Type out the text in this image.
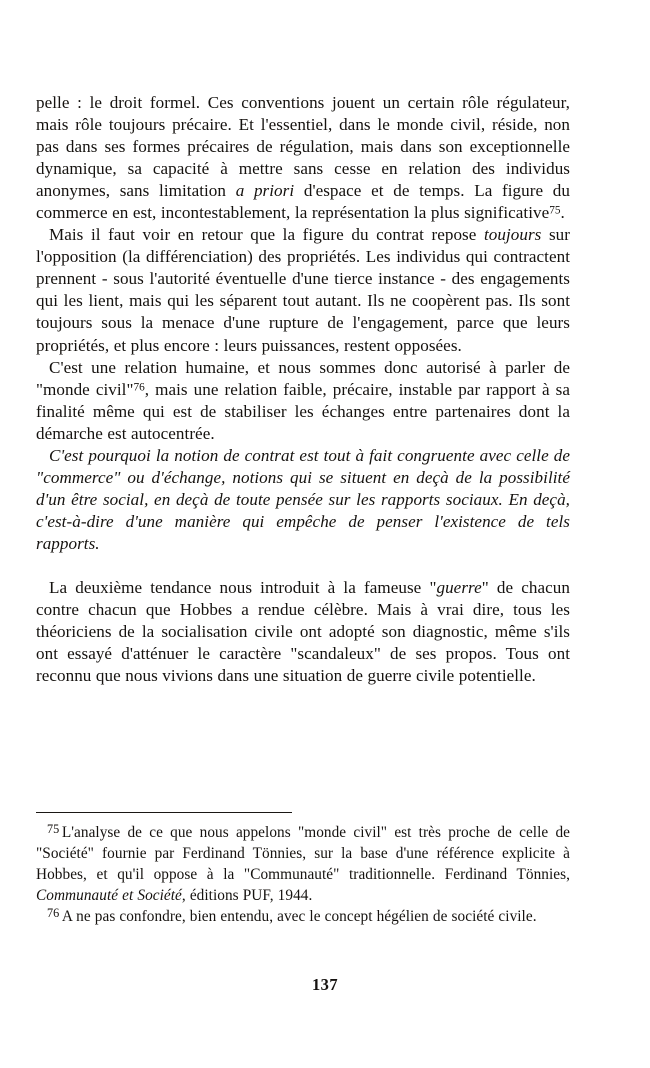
pelle : le droit formel. Ces conventions jouent un certain rôle régulateur, mais rôle toujours précaire. Et l'essentiel, dans le monde civil, réside, non pas dans ses formes précaires de régulation, mais dans son exceptionnelle dynamique, sa capacité à mettre sans cesse en relation des individus anonymes, sans limitation a priori d'espace et de temps. La figure du commerce en est, incontestablement, la représentation la plus significative$^{75}$.

Mais il faut voir en retour que la figure du contrat repose toujours sur l'opposition (la différenciation) des propriétés. Les individus qui contractent prennent - sous l'autorité éventuelle d'une tierce instance - des engagements qui les lient, mais qui les séparent tout autant. Ils ne coopèrent pas. Ils sont toujours sous la menace d'une rupture de l'engagement, parce que leurs propriétés, et plus encore : leurs puissances, restent opposées.

C'est une relation humaine, et nous sommes donc autorisé à parler de "monde civil"$^{76}$, mais une relation faible, précaire, instable par rapport à sa finalité même qui est de stabiliser les échanges entre partenaires dont la démarche est autocentrée.

C'est pourquoi la notion de contrat est tout à fait congruente avec celle de "commerce" ou d'échange, notions qui se situent en deçà de la possibilité d'un être social, en deçà de toute pensée sur les rapports sociaux. En deçà, c'est-à-dire d'une manière qui empêche de penser l'existence de tels rapports.

La deuxième tendance nous introduit à la fameuse "guerre" de chacun contre chacun que Hobbes a rendue célèbre. Mais à vrai dire, tous les théoriciens de la socialisation civile ont adopté son diagnostic, même s'ils ont essayé d'atténuer le caractère "scandaleux" de ses propos. Tous ont reconnu que nous vivions dans une situation de guerre civile potentielle.

$^{75}$ L'analyse de ce que nous appelons "monde civil" est très proche de celle de "Société" fournie par Ferdinand Tönnies, sur la base d'une référence explicite à Hobbes, et qu'il oppose à la "Communauté" traditionnelle. Ferdinand Tönnies, Communauté et Société, éditions PUF, 1944.

$^{76}$ A ne pas confondre, bien entendu, avec le concept hégélien de société civile.

137
